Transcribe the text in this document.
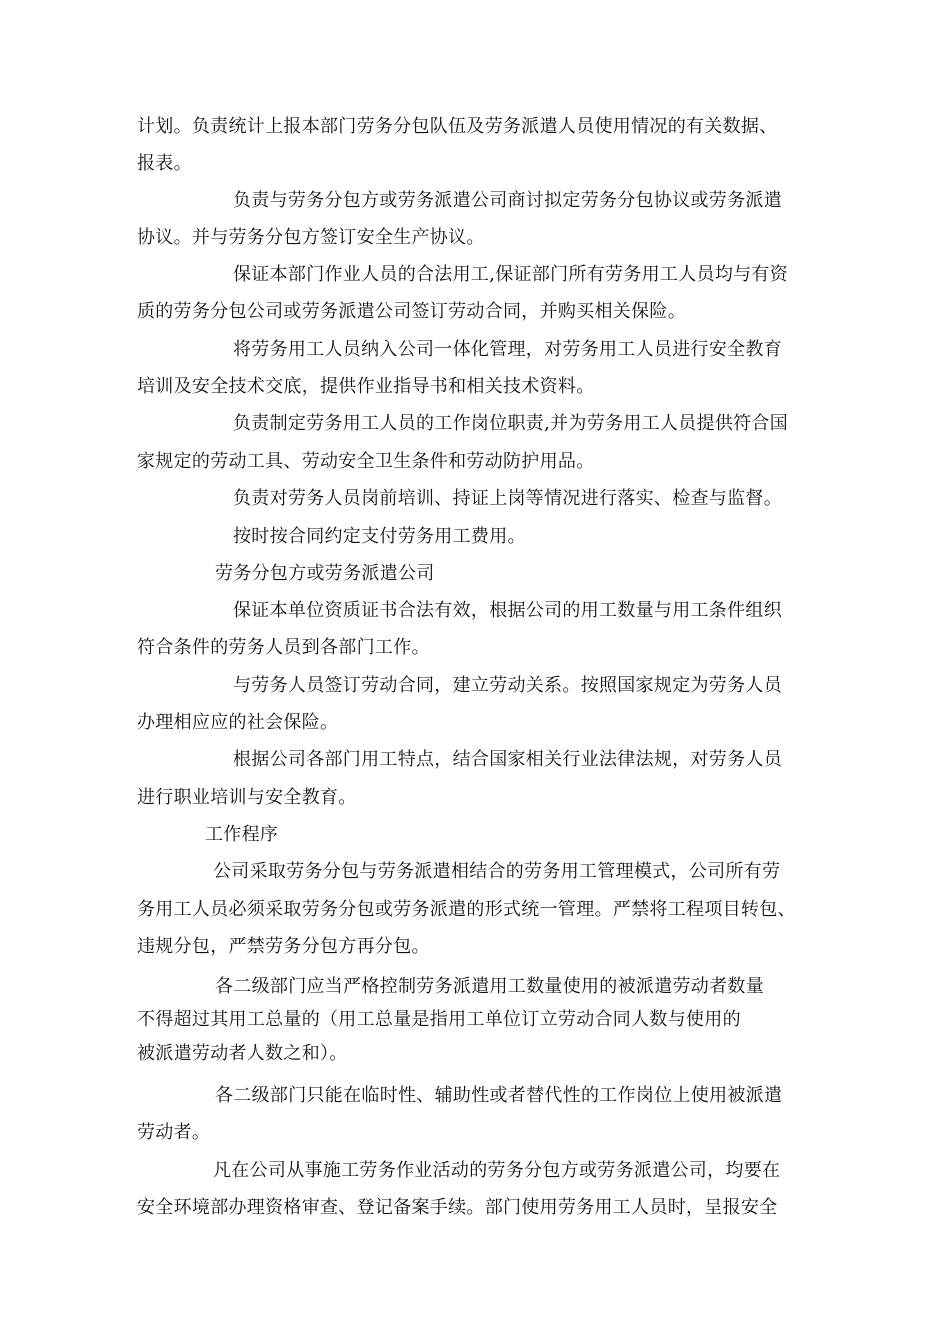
计划。负责统计上报本部门劳务分包队伍及劳务派遣人员使用情况的有关数据、
报表。
负责与劳务分包方或劳务派遣公司商讨拟定劳务分包协议或劳务派遣
协议。并与劳务分包方签订安全生产协议。
保证本部门作业人员的合法用工,保证部门所有劳务用工人员均与有资
质的劳务分包公司或劳务派遣公司签订劳动合同，并购买相关保险。
将劳务用工人员纳入公司一体化管理，对劳务用工人员进行安全教育
培训及安全技术交底，提供作业指导书和相关技术资料。
负责制定劳务用工人员的工作岗位职责,并为劳务用工人员提供符合国
家规定的劳动工具、劳动安全卫生条件和劳动防护用品。
负责对劳务人员岗前培训、持证上岗等情况进行落实、检查与监督。
按时按合同约定支付劳务用工费用。
劳务分包方或劳务派遣公司
保证本单位资质证书合法有效，根据公司的用工数量与用工条件组织
符合条件的劳务人员到各部门工作。
与劳务人员签订劳动合同，建立劳动关系。按照国家规定为劳务人员
办理相应应的社会保险。
根据公司各部门用工特点，结合国家相关行业法律法规，对劳务人员
进行职业培训与安全教育。
工作程序
公司采取劳务分包与劳务派遣相结合的劳务用工管理模式，公司所有劳
务用工人员必须采取劳务分包或劳务派遣的形式统一管理。严禁将工程项目转包、
违规分包，严禁劳务分包方再分包。
各二级部门应当严格控制劳务派遣用工数量使用的被派遣劳动者数量
不得超过其用工总量的（用工总量是指用工单位订立劳动合同人数与使用的
被派遣劳动者人数之和）。
各二级部门只能在临时性、辅助性或者替代性的工作岗位上使用被派遣
劳动者。
凡在公司从事施工劳务作业活动的劳务分包方或劳务派遣公司，均要在
安全环境部办理资格审查、登记备案手续。部门使用劳务用工人员时，呈报安全
